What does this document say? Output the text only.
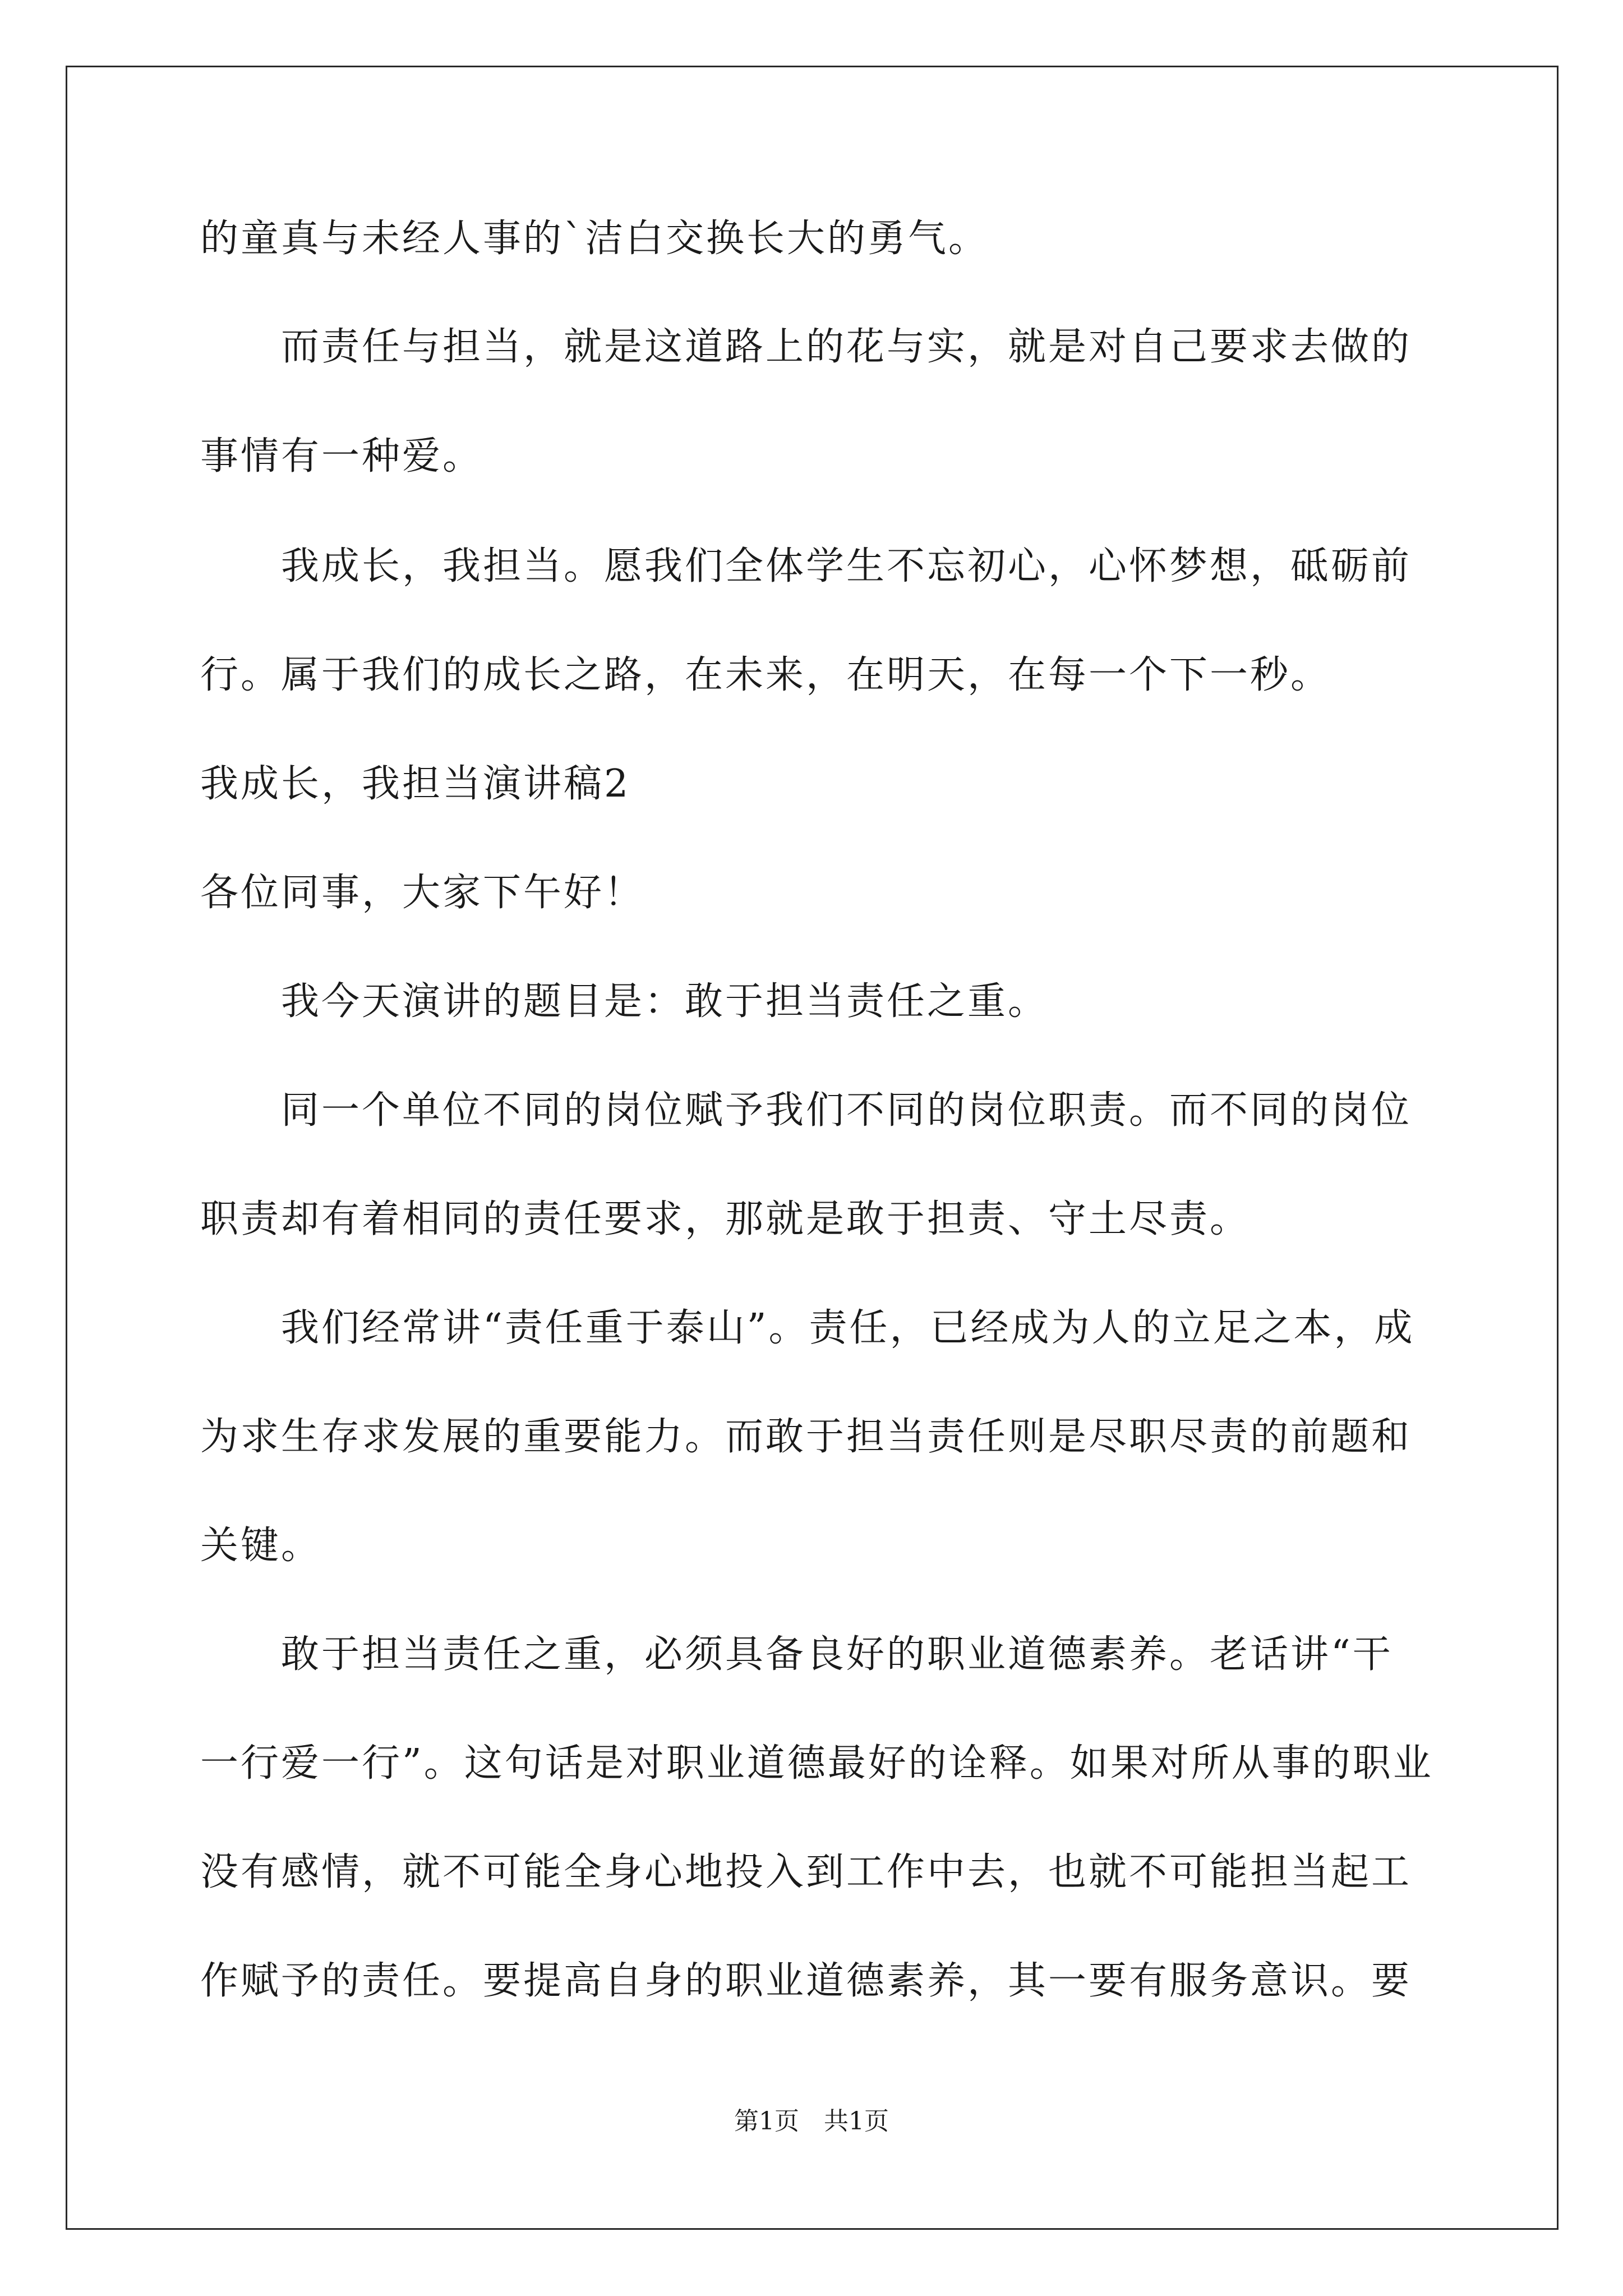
的童真与未经人事的`洁白交换长大的勇气。
　　而责任与担当，就是这道路上的花与实，就是对自己要求去做的
事情有一种爱。
　　我成长，我担当。愿我们全体学生不忘初心，心怀梦想，砥砺前
行。属于我们的成长之路，在未来，在明天，在每一个下一秒。
我成长，我担当演讲稿2
各位同事，大家下午好！
　　我今天演讲的题目是：敢于担当责任之重。
　　同一个单位不同的岗位赋予我们不同的岗位职责。而不同的岗位
职责却有着相同的责任要求，那就是敢于担责、守土尽责。
　　我们经常讲“责任重于泰山”。责任，已经成为人的立足之本，成
为求生存求发展的重要能力。而敢于担当责任则是尽职尽责的前题和
关键。
　　敢于担当责任之重，必须具备良好的职业道德素养。老话讲“干
一行爱一行”。这句话是对职业道德最好的诠释。如果对所从事的职业
没有感情，就不可能全身心地投入到工作中去，也就不可能担当起工
作赋予的责任。要提高自身的职业道德素养，其一要有服务意识。要
第1页　共1页
